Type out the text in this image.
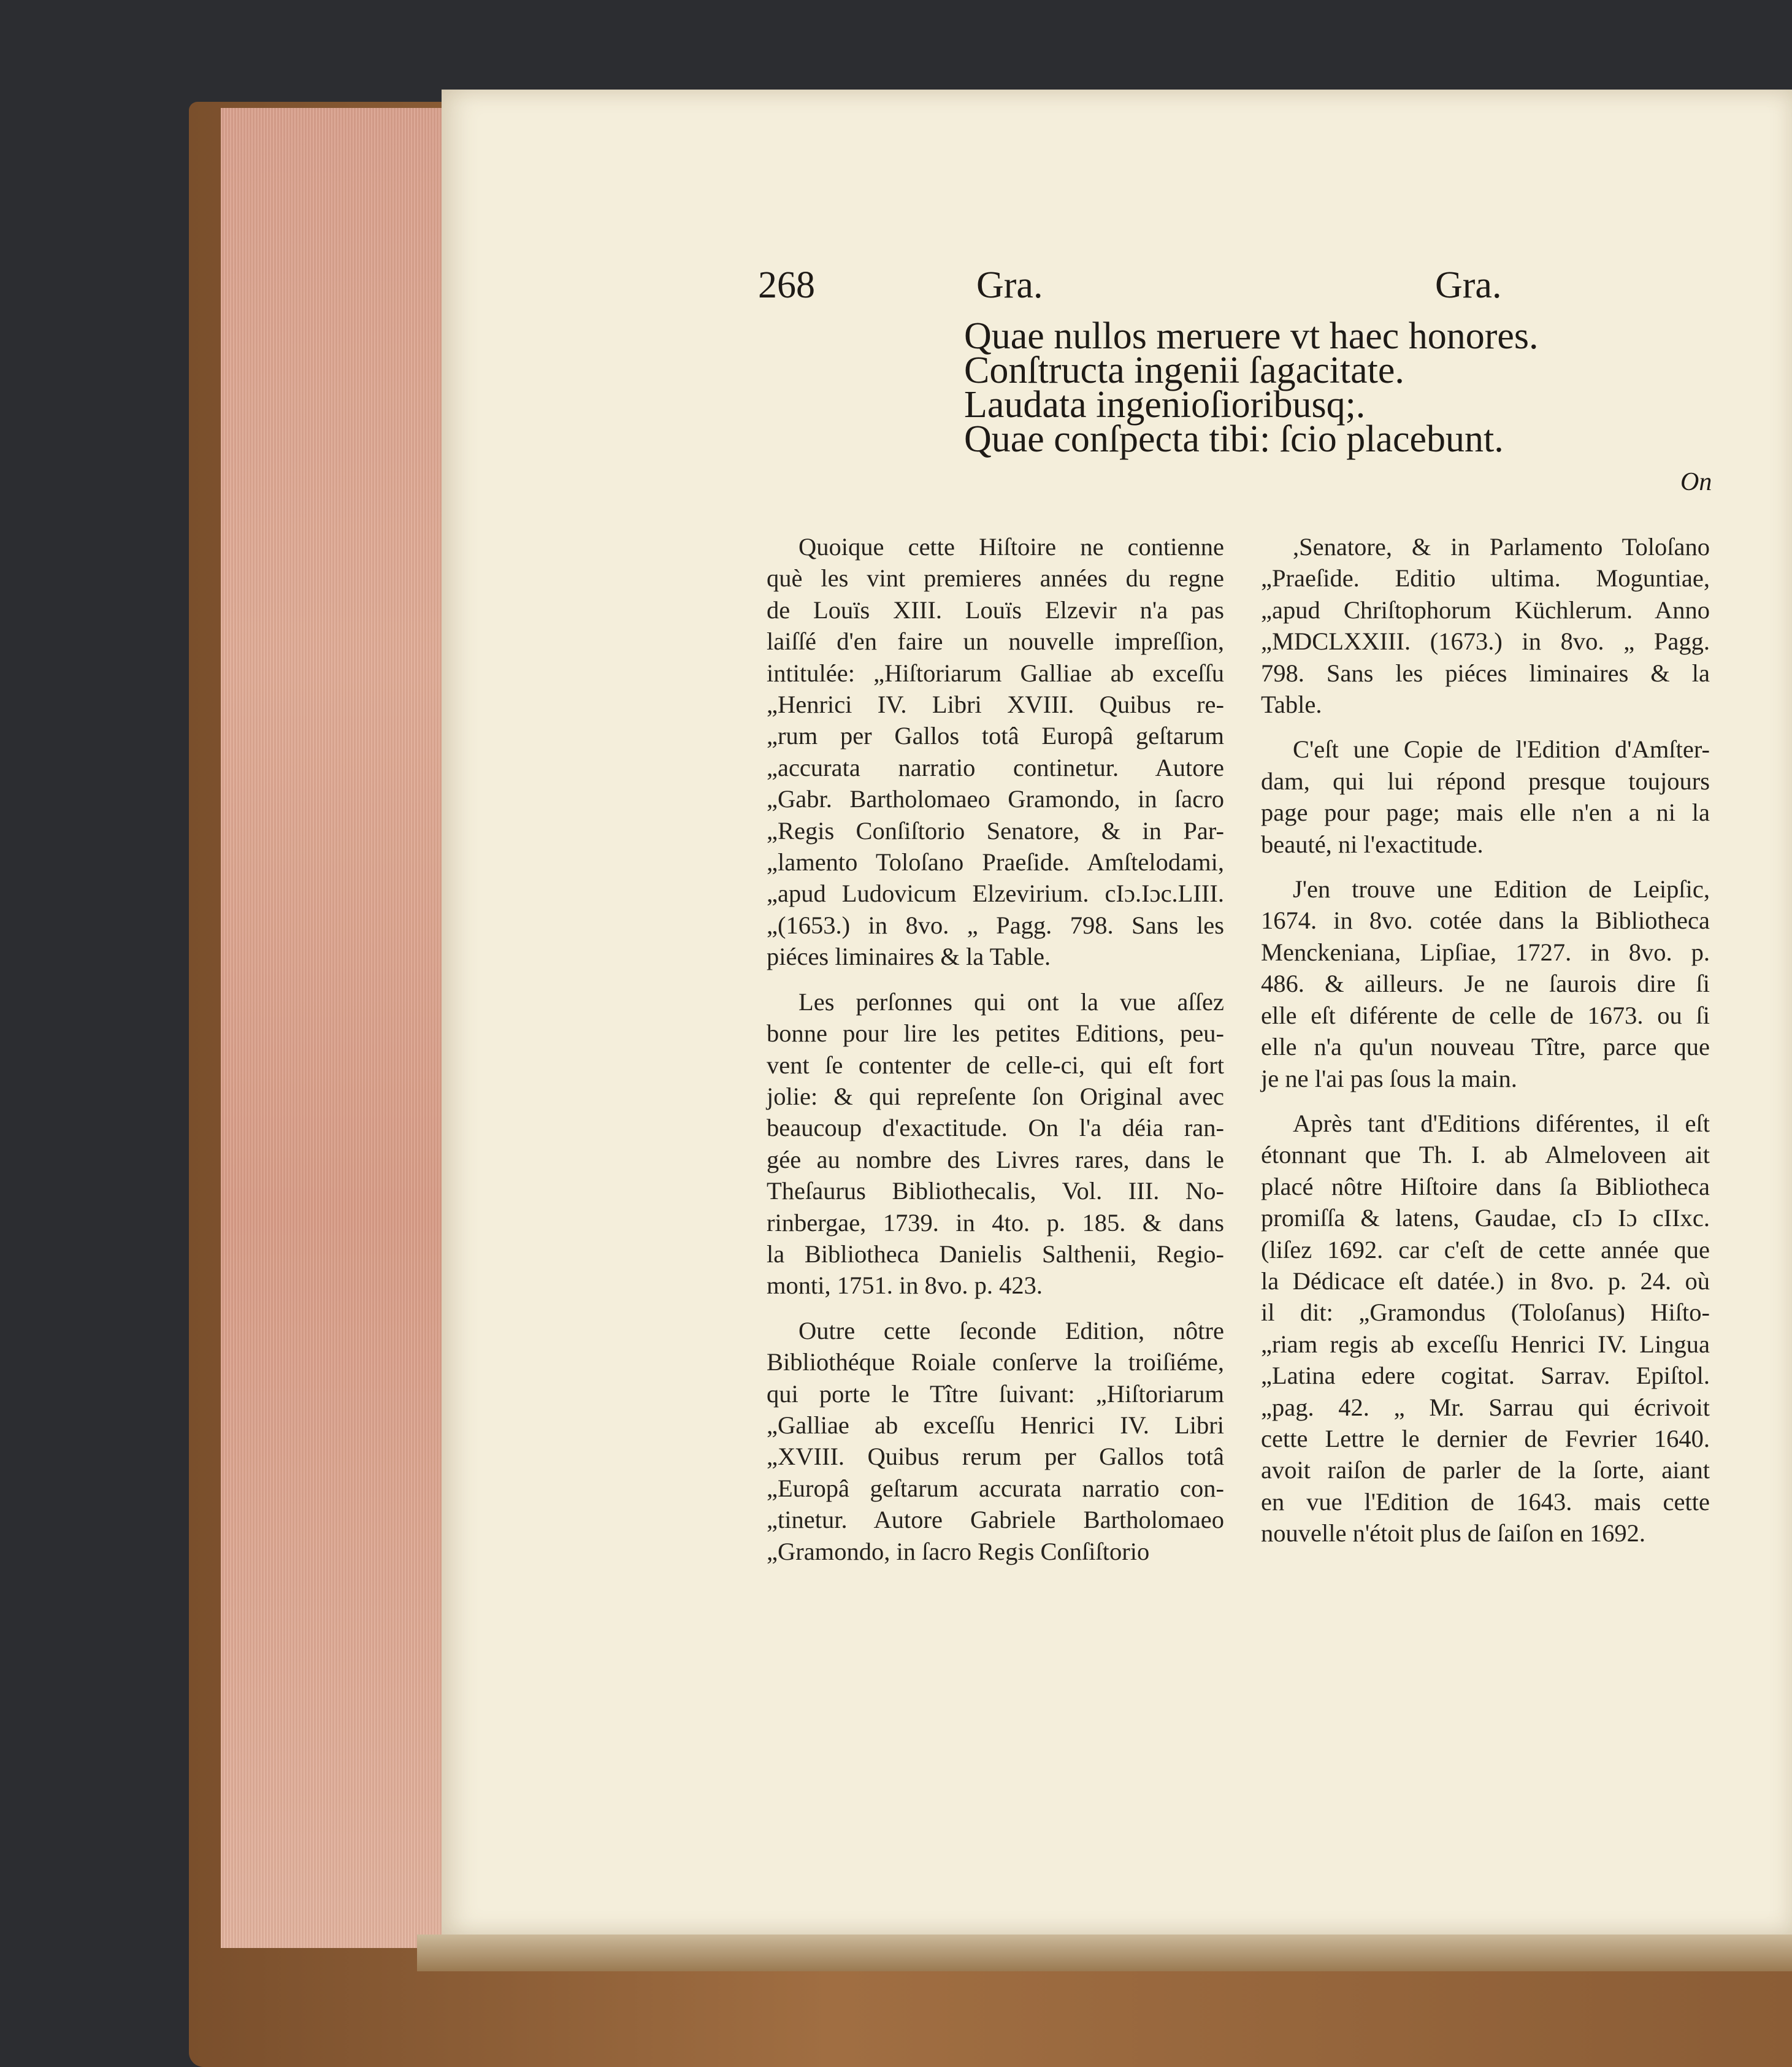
268	Gra.	Gra.
Quae nullos meruere vt haec honores.
Conſtructa ingenii ſagacitate.
Laudata ingenioſioribusq;.
Quae conſpecta tibi: ſcio placebunt.
On

Quoique cette Hiſtoire ne contienne
què les vint premieres années du regne
de Louïs XIII. Louïs Elzevir n'a pas
laiſſé d'en faire un nouvelle impreſſion,
intitulée: „Hiſtoriarum Galliae ab exceſſu
„Henrici IV. Libri XVIII. Quibus re-
„rum per Gallos totâ Europâ geſtarum
„accurata narratio continetur. Autore
„Gabr. Bartholomaeo Gramondo, in ſacro
„Regis Conſiſtorio Senatore, & in Par-
„lamento Toloſano Praeſide. Amſtelodami,
„apud Ludovicum Elzevirium. cIɔ.Iɔc.LIII.
„(1653.) in 8vo. „ Pagg. 798. Sans les
piéces liminaires & la Table.

Les perſonnes qui ont la vue aſſez
bonne pour lire les petites Editions, peu-
vent ſe contenter de celle-ci, qui eſt fort
jolie: & qui repreſente ſon Original avec
beaucoup d'exactitude. On l'a déia ran-
gée au nombre des Livres rares, dans le
Theſaurus Bibliothecalis, Vol. III. No-
rinbergae, 1739. in 4to. p. 185. & dans
la Bibliotheca Danielis Salthenii, Regio-
monti, 1751. in 8vo. p. 423.

Outre cette ſeconde Edition, nôtre
Bibliothéque Roiale conſerve la troiſiéme,
qui porte le Tître ſuivant: „Hiſtoriarum
„Galliae ab exceſſu Henrici IV. Libri
„XVIII. Quibus rerum per Gallos totâ
„Europâ geſtarum accurata narratio con-
„tinetur. Autore Gabriele Bartholomaeo
„Gramondo, in ſacro Regis Conſiſtorio

,Senatore, & in Parlamento Toloſano
„Praeſide. Editio ultima. Moguntiae,
„apud Chriſtophorum Küchlerum. Anno
„MDCLXXIII. (1673.) in 8vo. „ Pagg.
798. Sans les piéces liminaires & la
Table.

C'eſt une Copie de l'Edition d'Amſter-
dam, qui lui répond presque toujours
page pour page; mais elle n'en a ni la
beauté, ni l'exactitude.

J'en trouve une Edition de Leipſic,
1674. in 8vo. cotée dans la Bibliotheca
Menckeniana, Lipſiae, 1727. in 8vo. p.
486. & ailleurs. Je ne ſaurois dire ſi
elle eſt diférente de celle de 1673. ou ſi
elle n'a qu'un nouveau Tître, parce que
je ne l'ai pas ſous la main.

Après tant d'Editions diférentes, il eſt
étonnant que Th. I. ab Almeloveen ait
placé nôtre Hiſtoire dans ſa Bibliotheca
promiſſa & latens, Gaudae, cIɔ Iɔ cIIxc.
(liſez 1692. car c'eſt de cette année que
la Dédicace eſt datée.) in 8vo. p. 24. où
il dit: „Gramondus (Toloſanus) Hiſto-
„riam regis ab exceſſu Henrici IV. Lingua
„Latina edere cogitat. Sarrav. Epiſtol.
„pag. 42. „ Mr. Sarrau qui écrivoit
cette Lettre le dernier de Fevrier 1640.
avoit raiſon de parler de la ſorte, aiant
en vue l'Edition de 1643. mais cette
nouvelle n'étoit plus de ſaiſon en 1692.
